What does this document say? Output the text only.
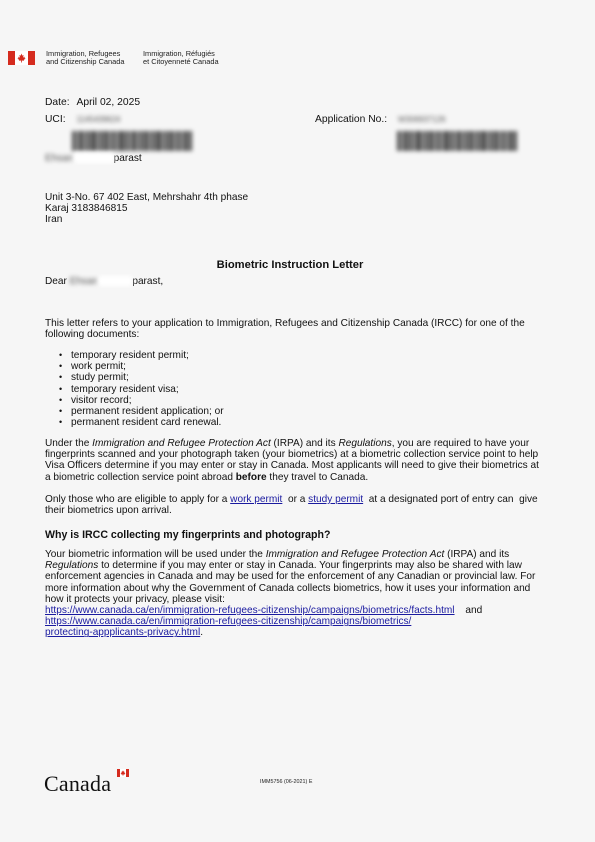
Immigration, Refugees
and Citizenship Canada
Immigration, Réfugiés
et Citoyenneté Canada
Date: April 02, 2025
UCI: 1145439624	Application No.: W306937126
Ehsan	parast
Unit 3-No. 67 402 East, Mehrshahr 4th phase
Karaj 3183846815
Iran
Biometric Instruction Letter
Dear Ehsan	parast,
This letter refers to your application to Immigration, Refugees and Citizenship Canada (IRCC) for one of the
following documents:
• temporary resident permit;
• work permit;
• study permit;
• temporary resident visa;
• visitor record;
• permanent resident application; or
• permanent resident card renewal.
Under the Immigration and Refugee Protection Act (IRPA) and its Regulations, you are required to have your
fingerprints scanned and your photograph taken (your biometrics) at a biometric collection service point to help
Visa Officers determine if you may enter or stay in Canada. Most applicants will need to give their biometrics at
a biometric collection service point abroad before they travel to Canada.
Only those who are eligible to apply for a work permit  or a study permit  at a designated port of entry can  give
their biometrics upon arrival.
Why is IRCC collecting my fingerprints and photograph?
Your biometric information will be used under the Immigration and Refugee Protection Act (IRPA) and its
Regulations to determine if you may enter or stay in Canada. Your fingerprints may also be shared with law
enforcement agencies in Canada and may be used for the enforcement of any Canadian or provincial law. For
more information about why the Government of Canada collects biometrics, how it uses your information and
how it protects your privacy, please visit:
https://www.canada.ca/en/immigration-refugees-citizenship/campaigns/biometrics/facts.html and
https://www.canada.ca/en/immigration-refugees-citizenship/campaigns/biometrics/
protecting-appplicants-privacy.html.
Canada	IMM5756 (06-2021) E
